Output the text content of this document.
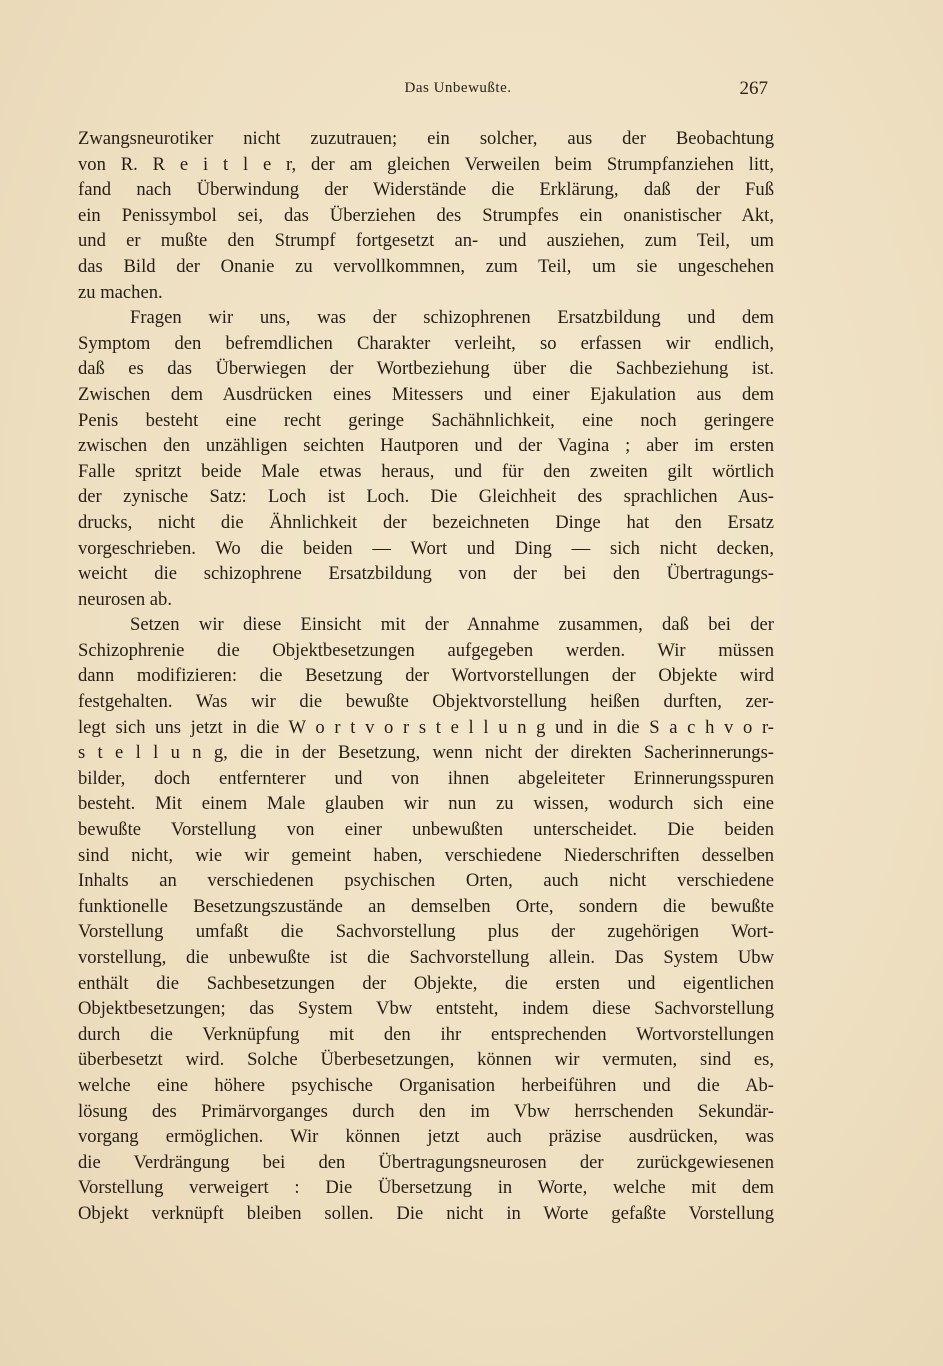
Das Unbewußte.	267
Zwangsneurotiker nicht zuzutrauen; ein solcher, aus der Beobachtung
von R. R e i t l e r, der am gleichen Verweilen beim Strumpfanziehen litt,
fand nach Überwindung der Widerstände die Erklärung, daß der Fuß
ein Penissymbol sei, das Überziehen des Strumpfes ein onanistischer Akt,
und er mußte den Strumpf fortgesetzt an- und ausziehen, zum Teil, um
das Bild der Onanie zu vervollkommnen, zum Teil, um sie ungeschehen
zu machen.
Fragen wir uns, was der schizophrenen Ersatzbildung und dem
Symptom den befremdlichen Charakter verleiht, so erfassen wir endlich,
daß es das Überwiegen der Wortbeziehung über die Sachbeziehung ist.
Zwischen dem Ausdrücken eines Mitessers und einer Ejakulation aus dem
Penis besteht eine recht geringe Sachähnlichkeit, eine noch geringere
zwischen den unzähligen seichten Hautporen und der Vagina ; aber im ersten
Falle spritzt beide Male etwas heraus, und für den zweiten gilt wörtlich
der zynische Satz: Loch ist Loch. Die Gleichheit des sprachlichen Aus-
drucks, nicht die Ähnlichkeit der bezeichneten Dinge hat den Ersatz
vorgeschrieben. Wo die beiden — Wort und Ding — sich nicht decken,
weicht die schizophrene Ersatzbildung von der bei den Übertragungs-
neurosen ab.
Setzen wir diese Einsicht mit der Annahme zusammen, daß bei der
Schizophrenie die Objektbesetzungen aufgegeben werden. Wir müssen
dann modifizieren: die Besetzung der Wortvorstellungen der Objekte wird
festgehalten. Was wir die bewußte Objektvorstellung heißen durften, zer-
legt sich uns jetzt in die W o r t v o r s t e l l u n g und in die S a c h v o r-
s t e l l u n g, die in der Besetzung, wenn nicht der direkten Sacherinnerungs-
bilder, doch entfernterer und von ihnen abgeleiteter Erinnerungsspuren
besteht. Mit einem Male glauben wir nun zu wissen, wodurch sich eine
bewußte Vorstellung von einer unbewußten unterscheidet. Die beiden
sind nicht, wie wir gemeint haben, verschiedene Niederschriften desselben
Inhalts an verschiedenen psychischen Orten, auch nicht verschiedene
funktionelle Besetzungszustände an demselben Orte, sondern die bewußte
Vorstellung umfaßt die Sachvorstellung plus der zugehörigen Wort-
vorstellung, die unbewußte ist die Sachvorstellung allein. Das System Ubw
enthält die Sachbesetzungen der Objekte, die ersten und eigentlichen
Objektbesetzungen; das System Vbw entsteht, indem diese Sachvorstellung
durch die Verknüpfung mit den ihr entsprechenden Wortvorstellungen
überbesetzt wird. Solche Überbesetzungen, können wir vermuten, sind es,
welche eine höhere psychische Organisation herbeiführen und die Ab-
lösung des Primärvorganges durch den im Vbw herrschenden Sekundär-
vorgang ermöglichen. Wir können jetzt auch präzise ausdrücken, was
die Verdrängung bei den Übertragungsneurosen der zurückgewiesenen
Vorstellung verweigert : Die Übersetzung in Worte, welche mit dem
Objekt verknüpft bleiben sollen. Die nicht in Worte gefaßte Vorstellung
